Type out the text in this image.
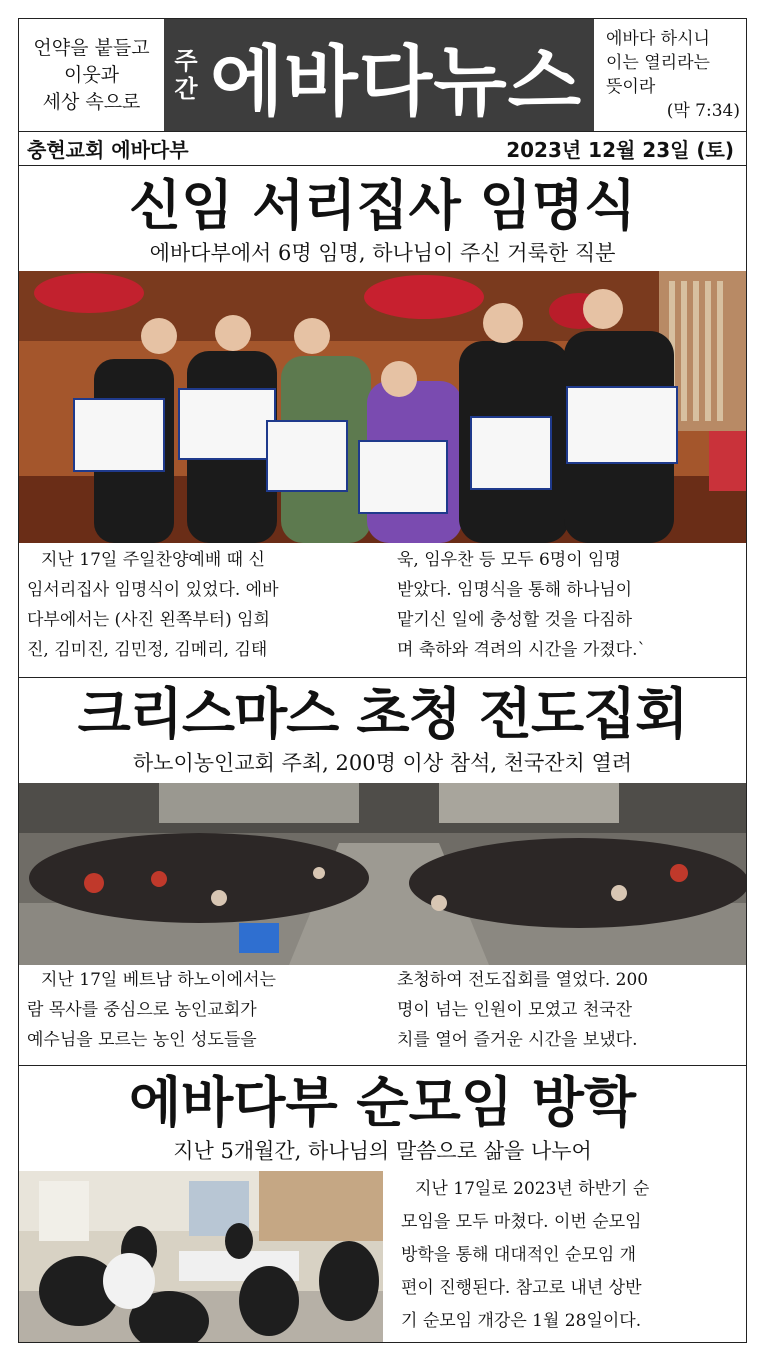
언약을 붙들고
이웃과
세상 속으로
주
간 에바다뉴스 에바다 하시니
이는 열리라는
뜻이라
(막 7:34)
충현교회 에바다부	2023년 12월 23일 (토)
신임 서리집사 임명식
에바다부에서 6명 임명, 하나님이 주신 거룩한 직분
지난 17일 주일찬양예배 때 신
임서리집사 임명식이 있었다. 에바
다부에서는 (사진 왼쪽부터) 임희
진, 김미진, 김민정, 김메리, 김태
욱, 임우찬 등 모두 6명이 임명
받았다. 임명식을 통해 하나님이
맡기신 일에 충성할 것을 다짐하
며 축하와 격려의 시간을 가졌다.`
크리스마스 초청 전도집회
하노이농인교회 주최, 200명 이상 참석, 천국잔치 열려
지난 17일 베트남 하노이에서는
람 목사를 중심으로 농인교회가
예수님을 모르는 농인 성도들을
초청하여 전도집회를 열었다. 200
명이 넘는 인원이 모였고 천국잔
치를 열어 즐거운 시간을 보냈다.
에바다부 순모임 방학
지난 5개월간, 하나님의 말씀으로 삶을 나누어
지난 17일로 2023년 하반기 순
모임을 모두 마쳤다. 이번 순모임
방학을 통해 대대적인 순모임 개
편이 진행된다. 참고로 내년 상반
기 순모임 개강은 1월 28일이다.
